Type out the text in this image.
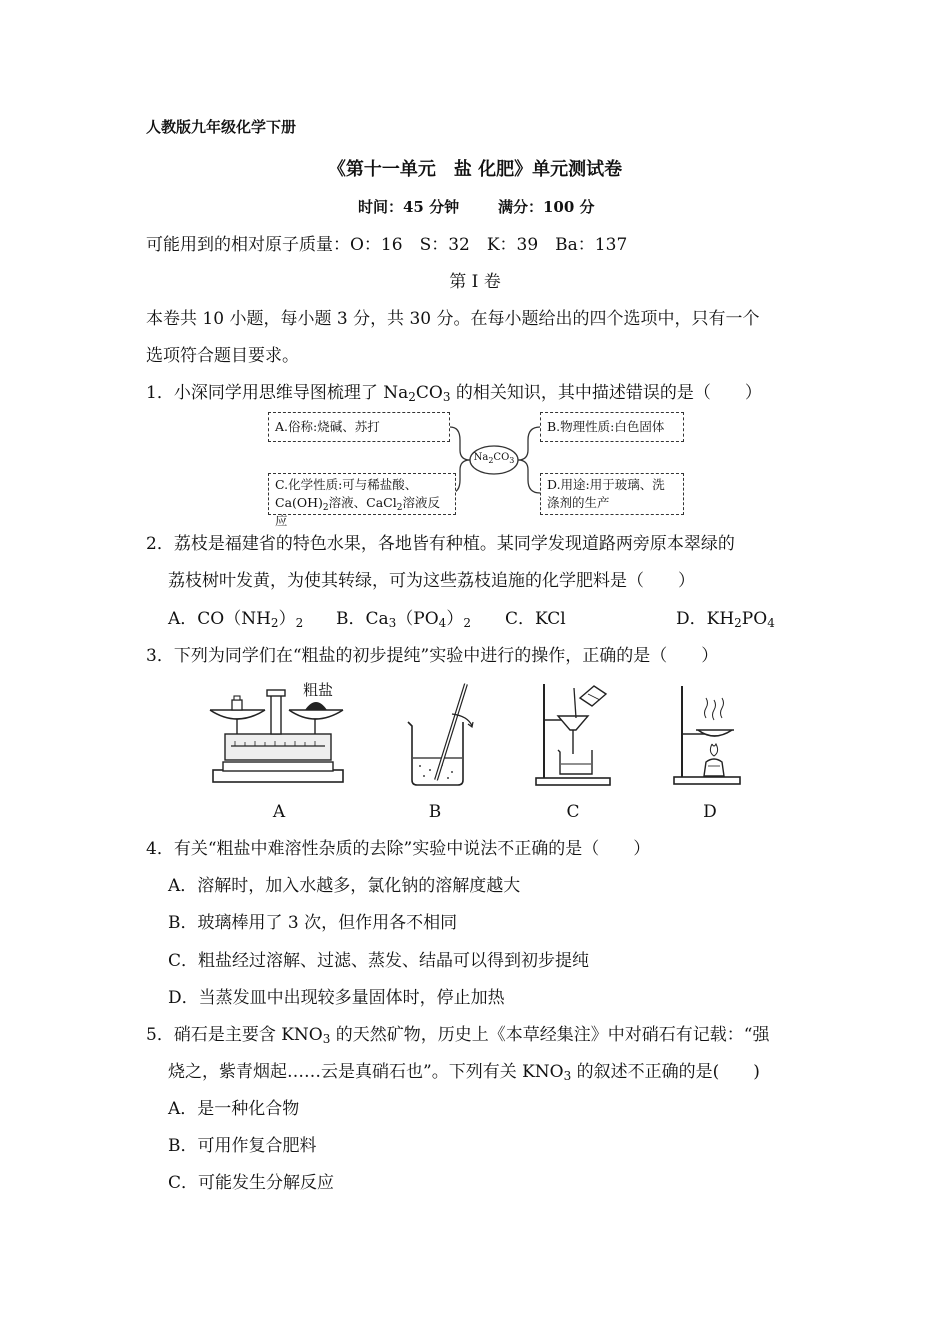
人教版九年级化学下册
《第十一单元　盐 化肥》单元测试卷
时间：45 分钟	满分：100 分
可能用到的相对原子质量：O：16　S：32　K：39　Ba：137
第 I 卷
本卷共 10 小题，每小题 3 分，共 30 分。在每小题给出的四个选项中，只有一个
选项符合题目要求。
1．小深同学用思维导图梳理了 $Na_2CO_3$ 的相关知识，其中描述错误的是（　　）
$Na_2CO_3$
A.俗称:烧碱、苏打	B.物理性质:白色固体
C.化学性质:可与稀盐酸、
$Ca(OH)_2$溶液、CaCl$_2$溶液反应
D.用途:用于玻璃、洗
涤剂的生产
2．荔枝是福建省的特色水果，各地皆有种植。某同学发现道路两旁原本翠绿的
荔枝树叶发黄，为使其转绿，可为这些荔枝追施的化学肥料是（　　）
A．$CO(NH_2)_2$ B．$Ca_3(PO_4)_2$ C．KCl	D．$KH_2PO_4$
3．下列为同学们在“粗盐的初步提纯”实验中进行的操作，正确的是（　　）
粗盐
A	B	C	D
4．有关“粗盐中难溶性杂质的去除”实验中说法不正确的是（　　）
A．溶解时，加入水越多，氯化钠的溶解度越大
B．玻璃棒用了 3 次，但作用各不相同
C．粗盐经过溶解、过滤、蒸发、结晶可以得到初步提纯
D．当蒸发皿中出现较多量固体时，停止加热
5．硝石是主要含 $KNO_3$ 的天然矿物，历史上《本草经集注》中对硝石有记载：“强
烧之，紫青烟起……云是真硝石也”。下列有关 $KNO_3$ 的叙述不正确的是(　　)
A．是一种化合物
B．可用作复合肥料
C．可能发生分解反应
